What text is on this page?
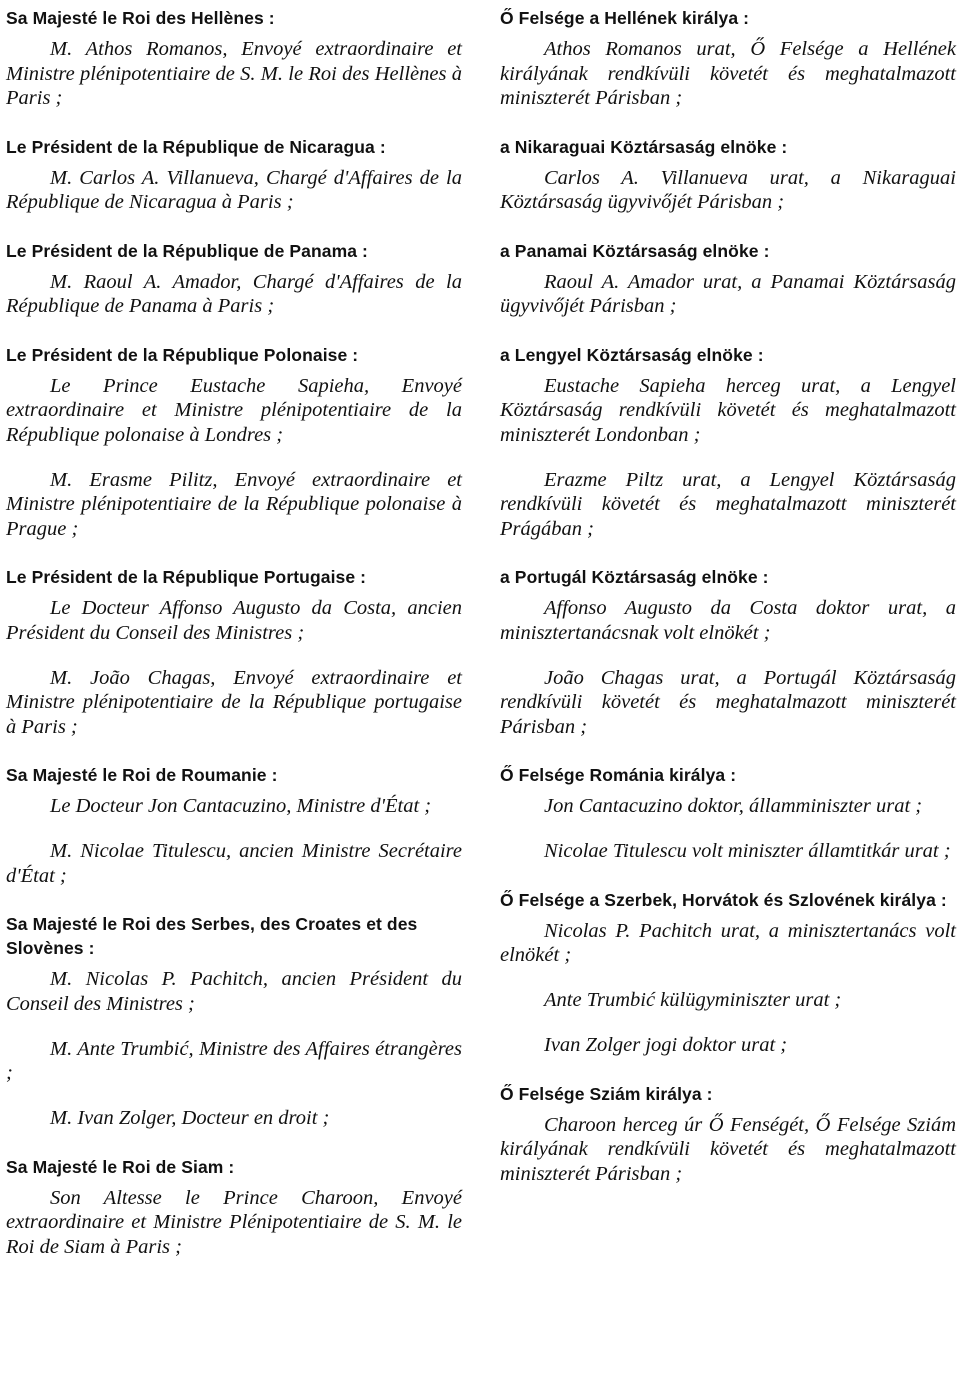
Sa Majesté le Roi des Hellènes :

M. Athos Romanos, Envoyé extraordinaire et Ministre plénipotentiaire de S. M. le Roi des Hellènes à Paris ;

Le Président de la République de Nicaragua :

M. Carlos A. Villanueva, Chargé d'Affaires de la République de Nicaragua à Paris ;

Le Président de la République de Panama :

M. Raoul A. Amador, Chargé d'Affaires de la République de Panama à Paris ;

Le Président de la République Polonaise :

Le Prince Eustache Sapieha, Envoyé extraordinaire et Ministre plénipotentiaire de la République polonaise à Londres ;

M. Erasme Pilitz, Envoyé extraordinaire et Ministre plénipotentiaire de la République polonaise à Prague ;

Le Président de la République Portugaise :

Le Docteur Affonso Augusto da Costa, ancien Président du Conseil des Ministres ;

M. João Chagas, Envoyé extraordinaire et Ministre plénipotentiaire de la République portugaise à Paris ;

Sa Majesté le Roi de Roumanie :

Le Docteur Jon Cantacuzino, Ministre d'État ;

M. Nicolae Titulescu, ancien Ministre Secrétaire d'État ;

Sa Majesté le Roi des Serbes, des Croates et des Slovènes :

M. Nicolas P. Pachitch, ancien Président du Conseil des Ministres ;

M. Ante Trumbić, Ministre des Affaires étrangères ;

M. Ivan Zolger, Docteur en droit ;

Sa Majesté le Roi de Siam :

Son Altesse le Prince Charoon, Envoyé extraordinaire et Ministre Plénipotentiaire de S. M. le Roi de Siam à Paris ;

Ő Felsége a Hellének királya :

Athos Romanos urat, Ő Felsége a Hellének királyának rendkívüli követét és meghatalmazott miniszterét Párisban ;

a Nikaraguai Köztársaság elnöke :

Carlos A. Villanueva urat, a Nikaraguai Köztársaság ügyvivőjét Párisban ;

a Panamai Köztársaság elnöke :

Raoul A. Amador urat, a Panamai Köztársaság ügyvivőjét Párisban ;

a Lengyel Köztársaság elnöke :

Eustache Sapieha herceg urat, a Lengyel Köztársaság rendkívüli követét és meghatalmazott miniszterét Londonban ;

Erazme Piltz urat, a Lengyel Köztársaság rendkívüli követét és meghatalmazott miniszterét Prágában ;

a Portugál Köztársaság elnöke :

Affonso Augusto da Costa doktor urat, a minisztertanácsnak volt elnökét ;

João Chagas urat, a Portugál Köztársaság rendkívüli követét és meghatalmazott miniszterét Párisban ;

Ő Felsége Románia királya :

Jon Cantacuzino doktor, államminiszter urat ;

Nicolae Titulescu volt miniszter államtitkár urat ;

Ő Felsége a Szerbek, Horvátok és Szlovének királya :

Nicolas P. Pachitch urat, a minisztertanács volt elnökét ;

Ante Trumbić külügyminiszter urat ;

Ivan Zolger jogi doktor urat ;

Ő Felsége Sziám királya :

Charoon herceg úr Ő Fenségét, Ő Felsége Sziám királyának rendkívüli követét és meghatalmazott miniszterét Párisban ;
